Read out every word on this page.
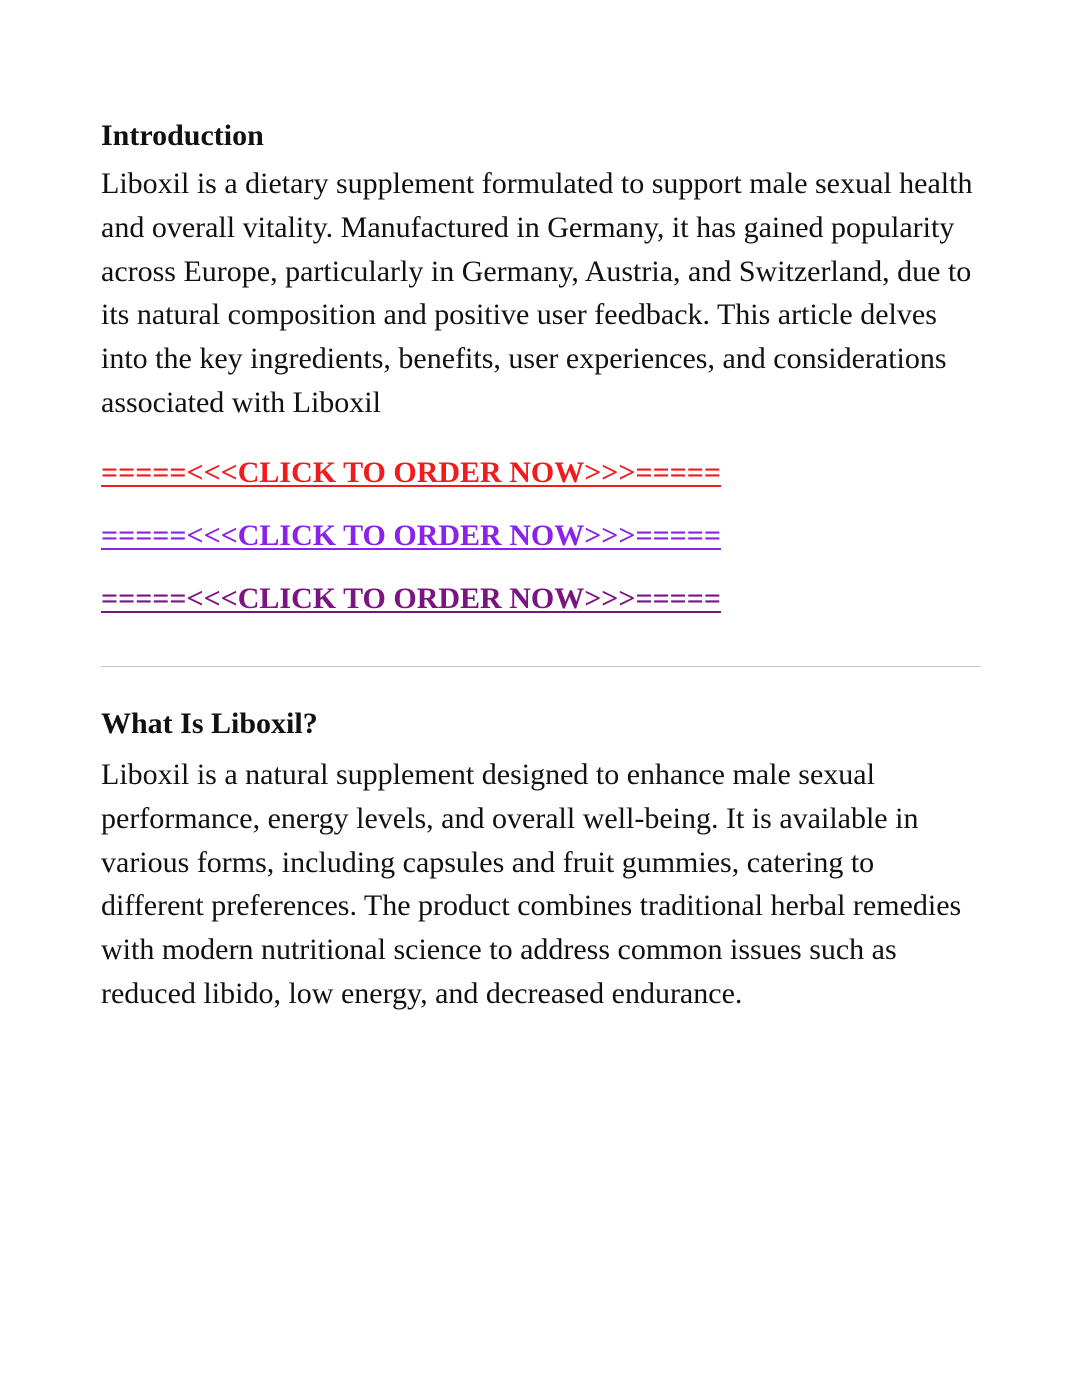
Introduction

Liboxil is a dietary supplement formulated to support male sexual health and overall vitality. Manufactured in Germany, it has gained popularity across Europe, particularly in Germany, Austria, and Switzerland, due to its natural composition and positive user feedback. This article delves into the key ingredients, benefits, user experiences, and considerations associated with Liboxil

=====<<<CLICK TO ORDER NOW>>>=====
=====<<<CLICK TO ORDER NOW>>>=====
=====<<<CLICK TO ORDER NOW>>>=====
What Is Liboxil?

Liboxil is a natural supplement designed to enhance male sexual performance, energy levels, and overall well-being. It is available in various forms, including capsules and fruit gummies, catering to different preferences. The product combines traditional herbal remedies with modern nutritional science to address common issues such as reduced libido, low energy, and decreased endurance.
